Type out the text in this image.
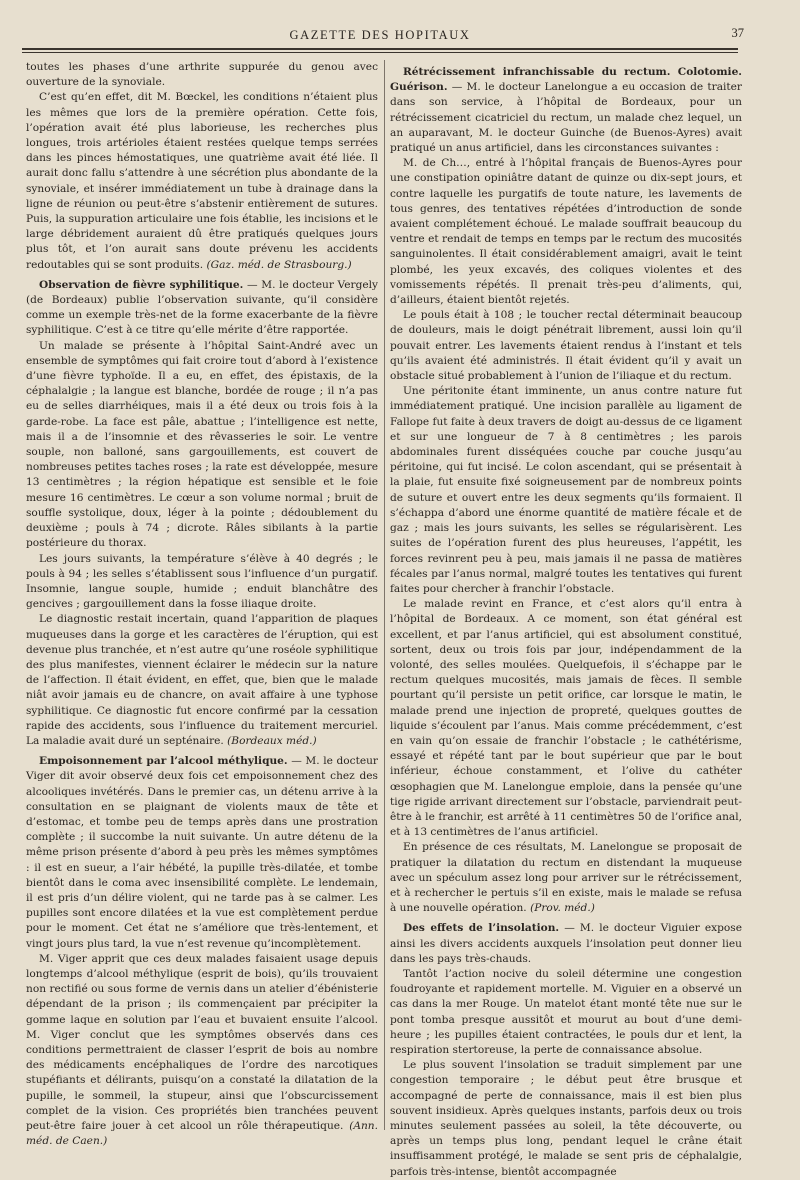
GAZETTE DES HOPITAUX	37

toutes les phases d’une arthrite suppurée du genou avec ouverture de la synoviale.

C’est qu’en effet, dit M. Bœckel, les conditions n’étaient plus les mêmes que lors de la première opération. Cette fois, l’opération avait été plus laborieuse, les recherches plus longues, trois artérioles étaient restées quelque temps serrées dans les pinces hémostatiques, une quatrième avait été liée. Il aurait donc fallu s’attendre à une sécrétion plus abondante de la synoviale, et insérer immédiatement un tube à drainage dans la ligne de réunion ou peut-être s’abstenir entièrement de sutures. Puis, la suppuration articulaire une fois établie, les incisions et le large débridement auraient dû être pratiqués quelques jours plus tôt, et l’on aurait sans doute prévenu les accidents redoutables qui se sont produits. (Gaz. méd. de Strasbourg.)

Observation de fièvre syphilitique. — M. le docteur Vergely (de Bordeaux) publie l’observation suivante, qu’il considère comme un exemple très-net de la forme exacerbante de la fièvre syphilitique. C’est à ce titre qu’elle mérite d’être rapportée.

Un malade se présente à l’hôpital Saint-André avec un ensemble de symptômes qui fait croire tout d’abord à l’existence d’une fièvre typhoïde. Il a eu, en effet, des épistaxis, de la céphalalgie ; la langue est blanche, bordée de rouge ; il n’a pas eu de selles diarrhéiques, mais il a été deux ou trois fois à la garde-robe. La face est pâle, abattue ; l’intelligence est nette, mais il a de l’insomnie et des rêvasseries le soir. Le ventre souple, non balloné, sans gargouillements, est couvert de nombreuses petites taches roses ; la rate est développée, mesure 13 centimètres ; la région hépatique est sensible et le foie mesure 16 centimètres. Le cœur a son volume normal ; bruit de souffle systolique, doux, léger à la pointe ; dédoublement du deuxième ; pouls à 74 ; dicrote. Râles sibilants à la partie postérieure du thorax.

Les jours suivants, la température s’élève à 40 degrés ; le pouls à 94 ; les selles s’établissent sous l’influence d’un purgatif. Insomnie, langue souple, humide ; enduit blanchâtre des gencives ; gargouillement dans la fosse iliaque droite.

Le diagnostic restait incertain, quand l’apparition de plaques muqueuses dans la gorge et les caractères de l’éruption, qui est devenue plus tranchée, et n’est autre qu’une roséole syphilitique des plus manifestes, viennent éclairer le médecin sur la nature de l’affection. Il était évident, en effet, que, bien que le malade niât avoir jamais eu de chancre, on avait affaire à une typhose syphilitique. Ce diagnostic fut encore confirmé par la cessation rapide des accidents, sous l’influence du traitement mercuriel. La maladie avait duré un septénaire. (Bordeaux méd.)

Empoisonnement par l’alcool méthylique. — M. le docteur Viger dit avoir observé deux fois cet empoisonnement chez des alcooliques invétérés. Dans le premier cas, un détenu arrive à la consultation en se plaignant de violents maux de tête et d’estomac, et tombe peu de temps après dans une prostration complète ; il succombe la nuit suivante. Un autre détenu de la même prison présente d’abord à peu près les mêmes symptômes : il est en sueur, a l’air hébété, la pupille très-dilatée, et tombe bientôt dans le coma avec insensibilité complète. Le lendemain, il est pris d’un délire violent, qui ne tarde pas à se calmer. Les pupilles sont encore dilatées et la vue est complètement perdue pour le moment. Cet état ne s’améliore que très-lentement, et vingt jours plus tard, la vue n’est revenue qu’incomplètement.

M. Viger apprit que ces deux malades faisaient usage depuis longtemps d’alcool méthylique (esprit de bois), qu’ils trouvaient non rectifié ou sous forme de vernis dans un atelier d’ébénisterie dépendant de la prison ; ils commençaient par précipiter la gomme laque en solution par l’eau et buvaient ensuite l’alcool. M. Viger conclut que les symptômes observés dans ces conditions permettraient de classer l’esprit de bois au nombre des médicaments encéphaliques de l’ordre des narcotiques stupéfiants et délirants, puisqu’on a constaté la dilatation de la pupille, le sommeil, la stupeur, ainsi que l’obscurcissement complet de la vision. Ces propriétés bien tranchées peuvent peut-être faire jouer à cet alcool un rôle thérapeutique. (Ann. méd. de Caen.)

Rétrécissement infranchissable du rectum. Colotomie. Guérison. — M. le docteur Lanelongue a eu occasion de traiter dans son service, à l’hôpital de Bordeaux, pour un rétrécissement cicatriciel du rectum, un malade chez lequel, un an auparavant, M. le docteur Guinche (de Buenos-Ayres) avait pratiqué un anus artificiel, dans les circonstances suivantes :

M. de Ch…, entré à l’hôpital français de Buenos-Ayres pour une constipation opiniâtre datant de quinze ou dix-sept jours, et contre laquelle les purgatifs de toute nature, les lavements de tous genres, des tentatives répétées d’introduction de sonde avaient complétement échoué. Le malade souffrait beaucoup du ventre et rendait de temps en temps par le rectum des mucosités sanguinolentes. Il était considérablement amaigri, avait le teint plombé, les yeux excavés, des coliques violentes et des vomissements répétés. Il prenait très-peu d’aliments, qui, d’ailleurs, étaient bientôt rejetés.

Le pouls était à 108 ; le toucher rectal déterminait beaucoup de douleurs, mais le doigt pénétrait librement, aussi loin qu’il pouvait entrer. Les lavements étaient rendus à l’instant et tels qu’ils avaient été administrés. Il était évident qu’il y avait un obstacle situé probablement à l’union de l’iliaque et du rectum.

Une péritonite étant imminente, un anus contre nature fut immédiatement pratiqué. Une incision parallèle au ligament de Fallope fut faite à deux travers de doigt au-dessus de ce ligament et sur une longueur de 7 à 8 centimètres ; les parois abdominales furent disséquées couche par couche jusqu’au péritoine, qui fut incisé. Le colon ascendant, qui se présentait à la plaie, fut ensuite fixé soigneusement par de nombreux points de suture et ouvert entre les deux segments qu’ils formaient. Il s’échappa d’abord une énorme quantité de matière fécale et de gaz ; mais les jours suivants, les selles se régularisèrent. Les suites de l’opération furent des plus heureuses, l’appétit, les forces revinrent peu à peu, mais jamais il ne passa de matières fécales par l’anus normal, malgré toutes les tentatives qui furent faites pour chercher à franchir l’obstacle.

Le malade revint en France, et c’est alors qu’il entra à l’hôpital de Bordeaux. A ce moment, son état général est excellent, et par l’anus artificiel, qui est absolument constitué, sortent, deux ou trois fois par jour, indépendamment de la volonté, des selles moulées. Quelquefois, il s’échappe par le rectum quelques mucosités, mais jamais de fèces. Il semble pourtant qu’il persiste un petit orifice, car lorsque le matin, le malade prend une injection de propreté, quelques gouttes de liquide s’écoulent par l’anus. Mais comme précédemment, c’est en vain qu’on essaie de franchir l’obstacle ; le cathétérisme, essayé et répété tant par le bout supérieur que par le bout inférieur, échoue constamment, et l’olive du cathéter œsophagien que M. Lanelongue emploie, dans la pensée qu’une tige rigide arrivant directement sur l’obstacle, parviendrait peut-être à le franchir, est arrêté à 11 centimètres 50 de l’orifice anal, et à 13 centimètres de l’anus artificiel.

En présence de ces résultats, M. Lanelongue se proposait de pratiquer la dilatation du rectum en distendant la muqueuse avec un spéculum assez long pour arriver sur le rétrécissement, et à rechercher le pertuis s’il en existe, mais le malade se refusa à une nouvelle opération. (Prov. méd.)

Des effets de l’insolation. — M. le docteur Viguier expose ainsi les divers accidents auxquels l’insolation peut donner lieu dans les pays très-chauds.

Tantôt l’action nocive du soleil détermine une congestion foudroyante et rapidement mortelle. M. Viguier en a observé un cas dans la mer Rouge. Un matelot étant monté tête nue sur le pont tomba presque aussitôt et mourut au bout d’une demi-heure ; les pupilles étaient contractées, le pouls dur et lent, la respiration stertoreuse, la perte de connaissance absolue.

Le plus souvent l’insolation se traduit simplement par une congestion temporaire ; le début peut être brusque et accompagné de perte de connaissance, mais il est bien plus souvent insidieux. Après quelques instants, parfois deux ou trois minutes seulement passées au soleil, la tête découverte, ou après un temps plus long, pendant lequel le crâne était insuffisamment protégé, le malade se sent pris de céphalalgie, parfois très-intense, bientôt accompagnée
